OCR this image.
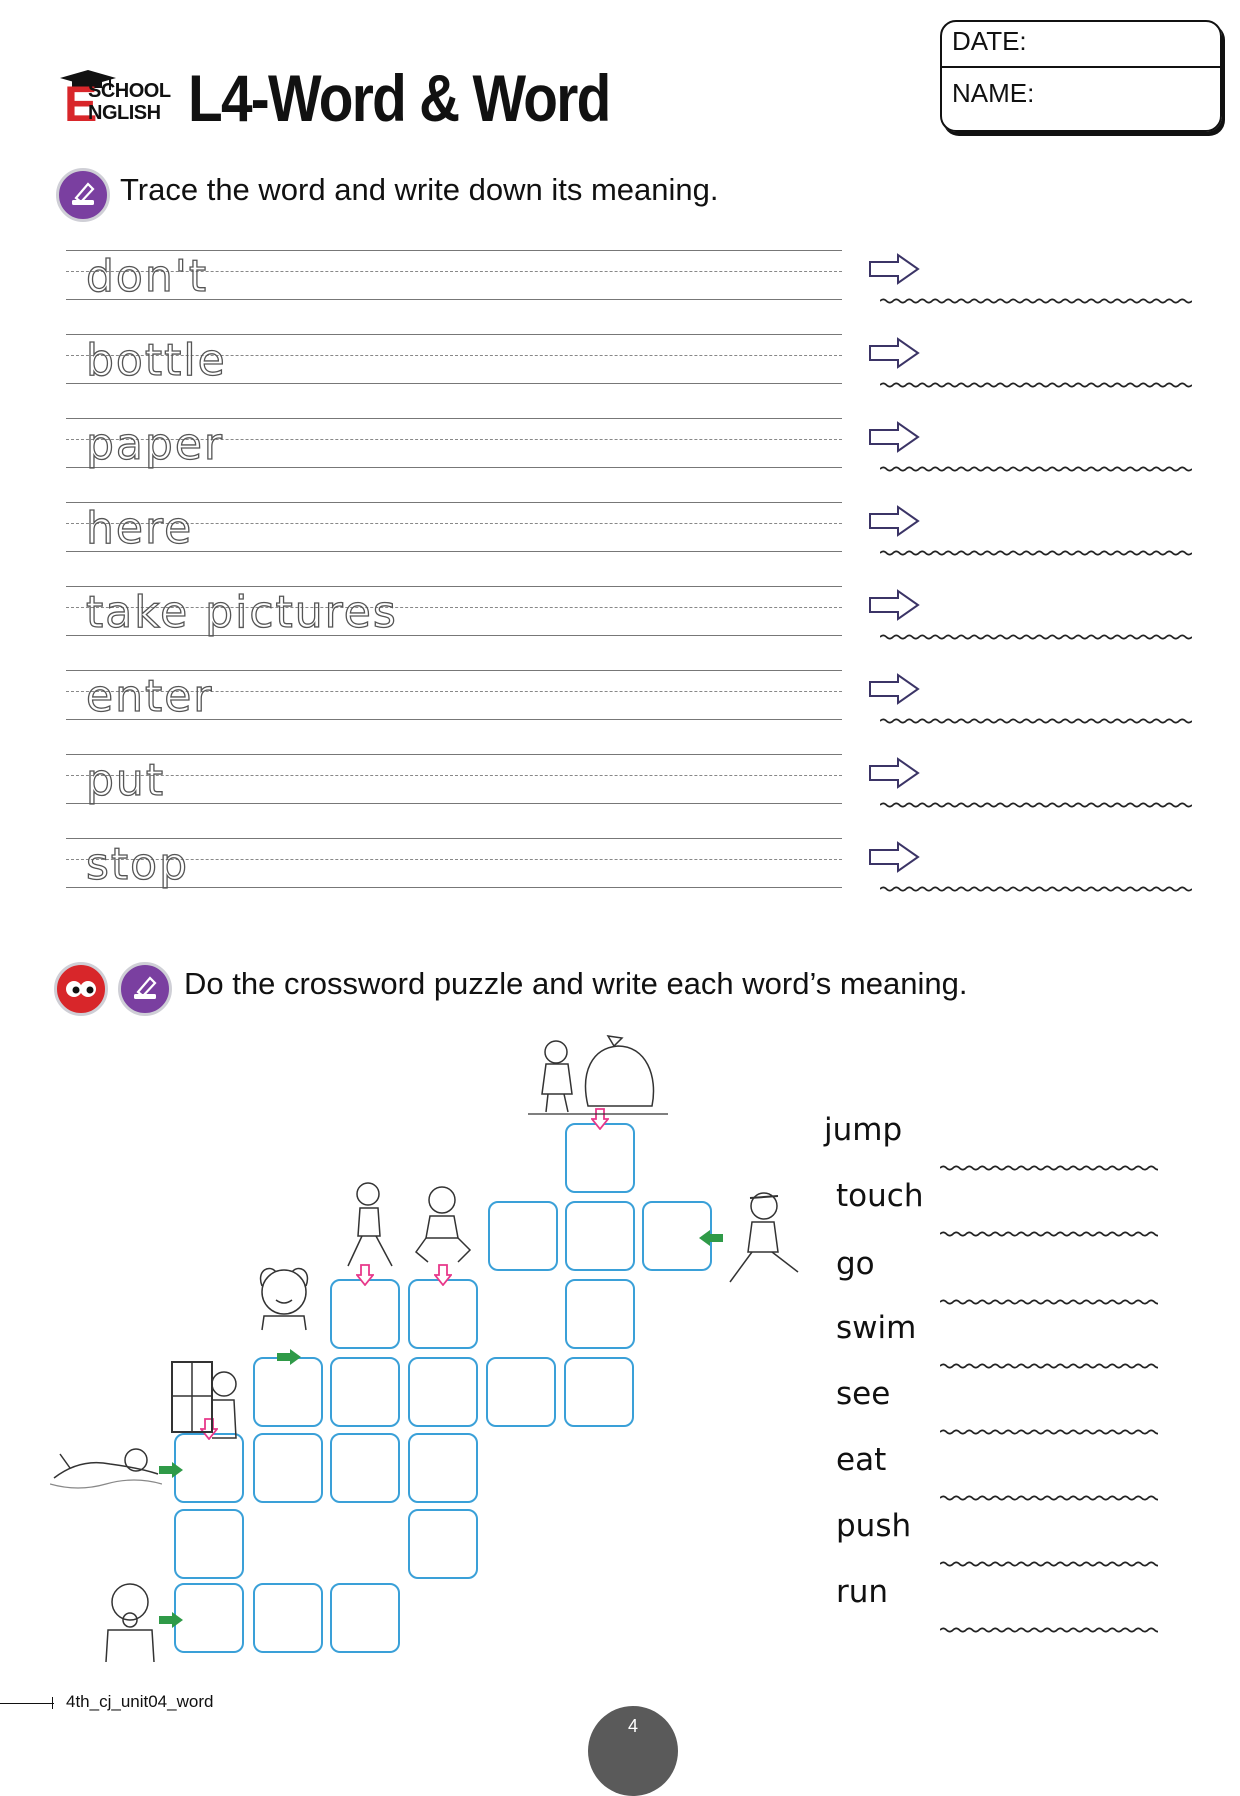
E
SCHOOL
NGLISH L4-Word & Word
DATE:
NAME:
Trace the word and write down its meaning.
don't
bottle
paper
here
take pictures
enter
put
stop
Do the crossword puzzle and write each word’s meaning.
jump
touch
go
swim
see
eat
push
run
4th_cj_unit04_word
4
